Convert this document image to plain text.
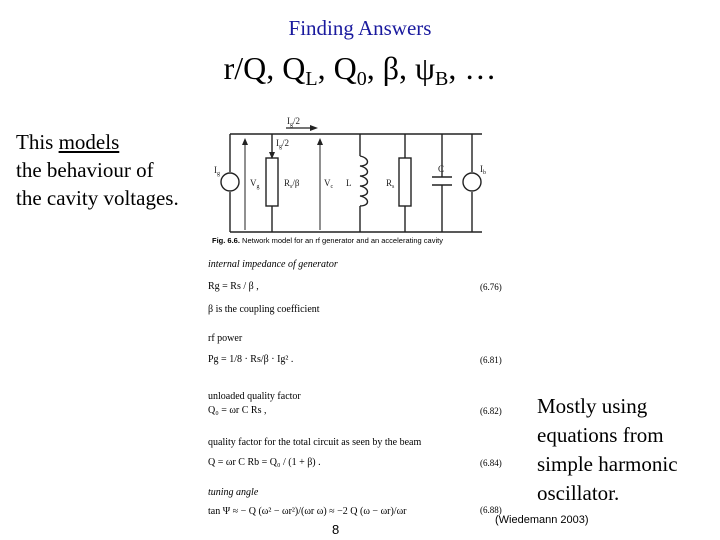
Finding Answers
r/Q, $Q_L$, $Q_0$, β, $\psi_B$, …
This models
the behaviour of
the cavity voltages.
$I_g/2$
$I_g/2$
$I_g$
$V_g$	$R_s/\beta$	$V_c$ L	$R_s$
C	$I_b$
Fig. 6.6. Network model for an rf generator and an accelerating cavity
internal impedance of generator
Rg = Rs / β ,	(6.76)
β is the coupling coefficient
rf power
Pg = 1/8 · Rs/β · Ig² .	(6.81)
unloaded quality factor
Q₀ = ωr C Rs ,	(6.82)
quality factor for the total circuit as seen by the beam
Q = ωr C Rb = Q₀ / (1 + β) .	(6.84)
tuning angle
tan Ψ ≈ − Q (ω² − ωr²)/(ωr ω) ≈ −2 Q (ω − ωr)/ωr	(6.88)
Mostly using
equations from
simple harmonic
oscillator.
8
(Wiedemann 2003)
